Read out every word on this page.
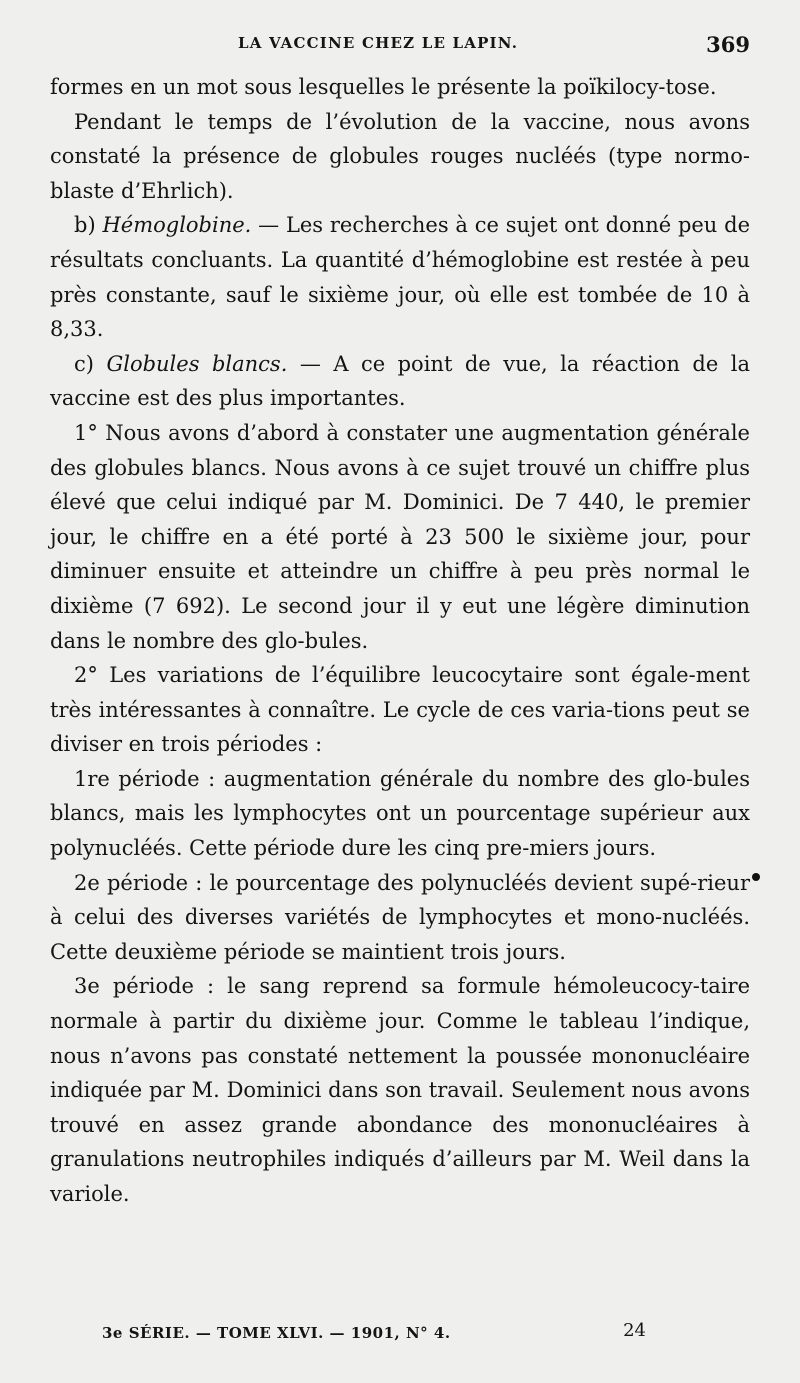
LA VACCINE CHEZ LE LAPIN.	369

formes en un mot sous lesquelles le présente la poïkilocy-tose.

Pendant le temps de l’évolution de la vaccine, nous avons constaté la présence de globules rouges nucléés (type normo-blaste d’Ehrlich).

b) Hémoglobine. — Les recherches à ce sujet ont donné peu de résultats concluants. La quantité d’hémoglobine est restée à peu près constante, sauf le sixième jour, où elle est tombée de 10 à 8,33.

c) Globules blancs. — A ce point de vue, la réaction de la vaccine est des plus importantes.

1° Nous avons d’abord à constater une augmentation générale des globules blancs. Nous avons à ce sujet trouvé un chiffre plus élevé que celui indiqué par M. Dominici. De 7 440, le premier jour, le chiffre en a été porté à 23 500 le sixième jour, pour diminuer ensuite et atteindre un chiffre à peu près normal le dixième (7 692). Le second jour il y eut une légère diminution dans le nombre des glo-bules.

2° Les variations de l’équilibre leucocytaire sont égale-ment très intéressantes à connaître. Le cycle de ces varia-tions peut se diviser en trois périodes :

1re période : augmentation générale du nombre des glo-bules blancs, mais les lymphocytes ont un pourcentage supérieur aux polynucléés. Cette période dure les cinq pre-miers jours.

2e période : le pourcentage des polynucléés devient supé-rieur à celui des diverses variétés de lymphocytes et mono-nucléés. Cette deuxième période se maintient trois jours.

3e période : le sang reprend sa formule hémoleucocy-taire normale à partir du dixième jour. Comme le tableau l’indique, nous n’avons pas constaté nettement la poussée mononucléaire indiquée par M. Dominici dans son travail. Seulement nous avons trouvé en assez grande abondance des mononucléaires à granulations neutrophiles indiqués d’ailleurs par M. Weil dans la variole.

3e SÉRIE. — TOME XLVI. — 1901, N° 4.	24
